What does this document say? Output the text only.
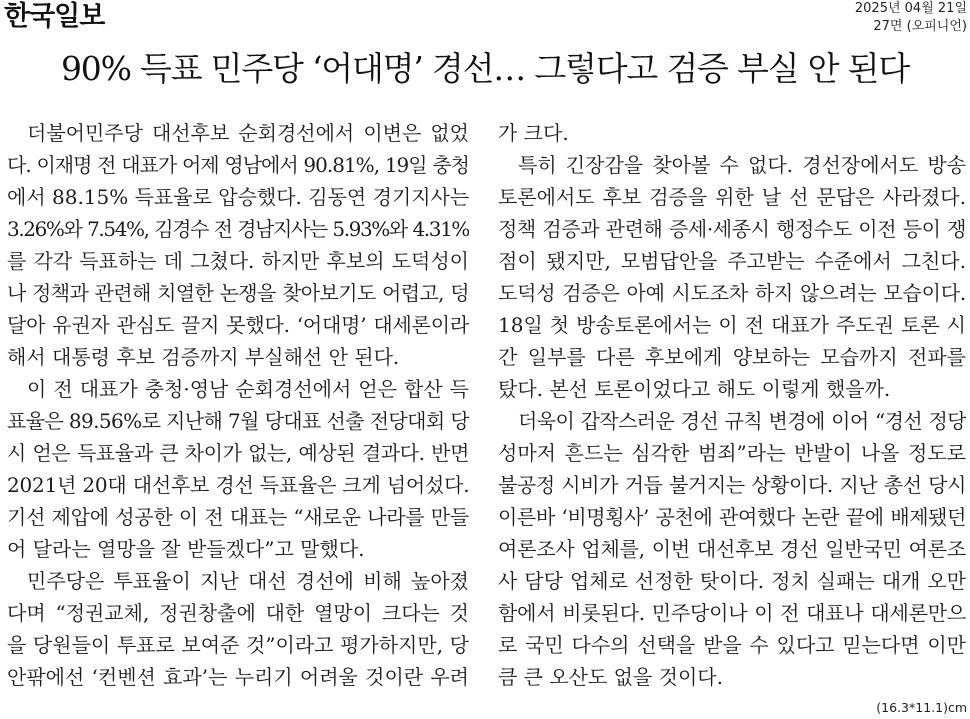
한국일보	2025년 04월 21일
27면 (오피니언)
90% 득표 민주당 ‘어대명’ 경선… 그렇다고 검증 부실 안 된다
더불어민주당 대선후보 순회경선에서 이변은 없었
다. 이재명 전 대표가 어제 영남에서 90.81%, 19일 충청
에서 88.15% 득표율로 압승했다. 김동연 경기지사는
3.26%와 7.54%, 김경수 전 경남지사는 5.93%와 4.31%
를 각각 득표하는 데 그쳤다. 하지만 후보의 도덕성이
나 정책과 관련해 치열한 논쟁을 찾아보기도 어렵고, 덩
달아 유권자 관심도 끌지 못했다. ‘어대명’ 대세론이라
해서 대통령 후보 검증까지 부실해선 안 된다.
이 전 대표가 충청·영남 순회경선에서 얻은 합산 득
표율은 89.56%로 지난해 7월 당대표 선출 전당대회 당
시 얻은 득표율과 큰 차이가 없는, 예상된 결과다. 반면
2021년 20대 대선후보 경선 득표율은 크게 넘어섰다.
기선 제압에 성공한 이 전 대표는 “새로운 나라를 만들
어 달라는 열망을 잘 받들겠다”고 말했다.
민주당은 투표율이 지난 대선 경선에 비해 높아졌
다며 “정권교체, 정권창출에 대한 열망이 크다는 것
을 당원들이 투표로 보여준 것”이라고 평가하지만, 당
안팎에선 ‘컨벤션 효과’는 누리기 어려울 것이란 우려
가 크다.
특히 긴장감을 찾아볼 수 없다. 경선장에서도 방송
토론에서도 후보 검증을 위한 날 선 문답은 사라졌다.
정책 검증과 관련해 증세·세종시 행정수도 이전 등이 쟁
점이 됐지만, 모범답안을 주고받는 수준에서 그친다.
도덕성 검증은 아예 시도조차 하지 않으려는 모습이다.
18일 첫 방송토론에서는 이 전 대표가 주도권 토론 시
간 일부를 다른 후보에게 양보하는 모습까지 전파를
탔다. 본선 토론이었다고 해도 이렇게 했을까.
더욱이 갑작스러운 경선 규칙 변경에 이어 “경선 정당
성마저 흔드는 심각한 범죄”라는 반발이 나올 정도로
불공정 시비가 거듭 불거지는 상황이다. 지난 총선 당시
이른바 ‘비명횡사’ 공천에 관여했다 논란 끝에 배제됐던
여론조사 업체를, 이번 대선후보 경선 일반국민 여론조
사 담당 업체로 선정한 탓이다. 정치 실패는 대개 오만
함에서 비롯된다. 민주당이나 이 전 대표나 대세론만으
로 국민 다수의 선택을 받을 수 있다고 믿는다면 이만
큼 큰 오산도 없을 것이다.
(16.3*11.1)cm
